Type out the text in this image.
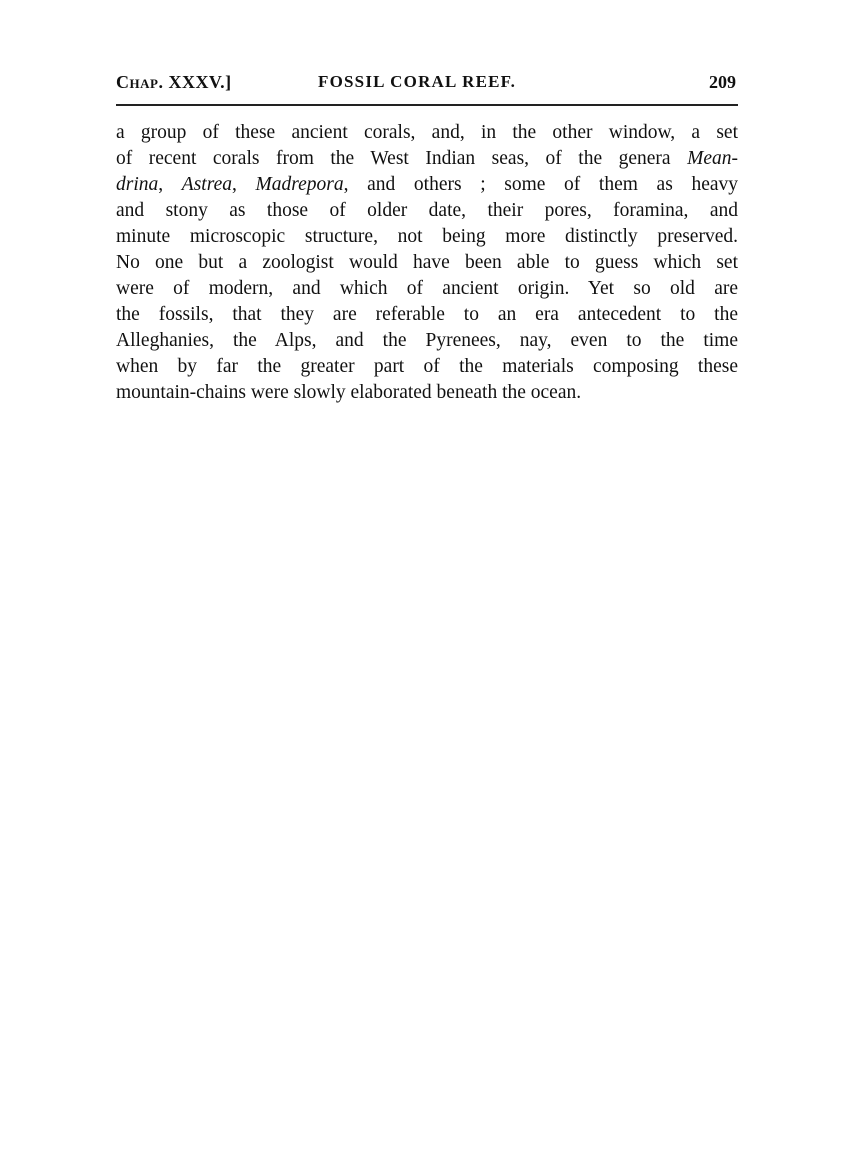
Chap. XXXV.]	FOSSIL CORAL REEF.	209
a group of these ancient corals, and, in the other window, a set
of recent corals from the West Indian seas, of the genera Mean-
drina, Astrea, Madrepora, and others ; some of them as heavy
and stony as those of older date, their pores, foramina, and
minute microscopic structure, not being more distinctly preserved.
No one but a zoologist would have been able to guess which set
were of modern, and which of ancient origin. Yet so old are
the fossils, that they are referable to an era antecedent to the
Alleghanies, the Alps, and the Pyrenees, nay, even to the time
when by far the greater part of the materials composing these
mountain-chains were slowly elaborated beneath the ocean.
